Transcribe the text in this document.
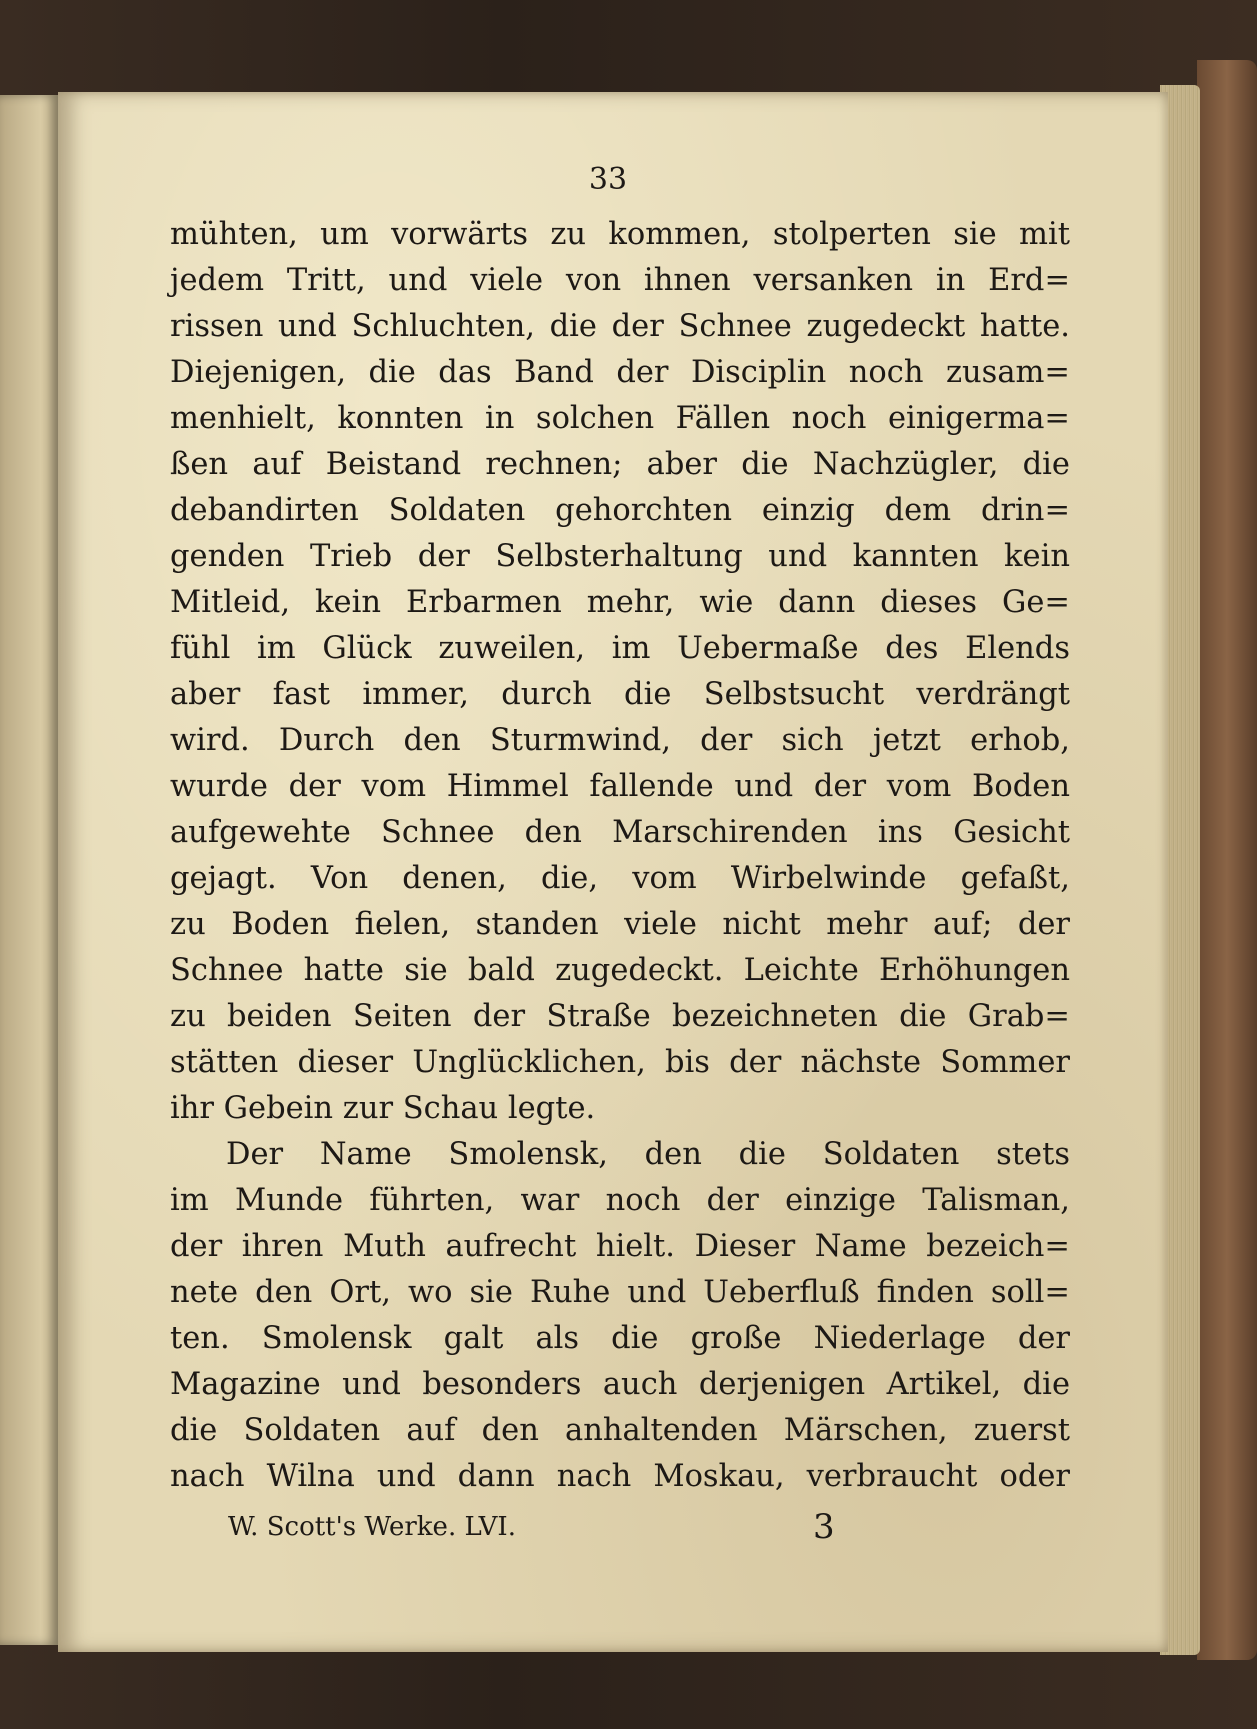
33
mühten, um vorwärts zu kommen, stolperten sie mit
jedem Tritt, und viele von ihnen versanken in Erd=
rissen und Schluchten, die der Schnee zugedeckt hatte.
Diejenigen, die das Band der Disciplin noch zusam=
menhielt, konnten in solchen Fällen noch einigerma=
ßen auf Beistand rechnen; aber die Nachzügler, die
debandirten Soldaten gehorchten einzig dem drin=
genden Trieb der Selbsterhaltung und kannten kein
Mitleid, kein Erbarmen mehr, wie dann dieses Ge=
fühl im Glück zuweilen, im Uebermaße des Elends
aber fast immer, durch die Selbstsucht verdrängt
wird. Durch den Sturmwind, der sich jetzt erhob,
wurde der vom Himmel fallende und der vom Boden
aufgewehte Schnee den Marschirenden ins Gesicht
gejagt. Von denen, die, vom Wirbelwinde gefaßt,
zu Boden fielen, standen viele nicht mehr auf; der
Schnee hatte sie bald zugedeckt. Leichte Erhöhungen
zu beiden Seiten der Straße bezeichneten die Grab=
stätten dieser Unglücklichen, bis der nächste Sommer
ihr Gebein zur Schau legte.
Der Name Smolensk, den die Soldaten stets
im Munde führten, war noch der einzige Talisman,
der ihren Muth aufrecht hielt. Dieser Name bezeich=
nete den Ort, wo sie Ruhe und Ueberfluß finden soll=
ten. Smolensk galt als die große Niederlage der
Magazine und besonders auch derjenigen Artikel, die
die Soldaten auf den anhaltenden Märschen, zuerst
nach Wilna und dann nach Moskau, verbraucht oder
W. Scott's Werke. LVI.	3
